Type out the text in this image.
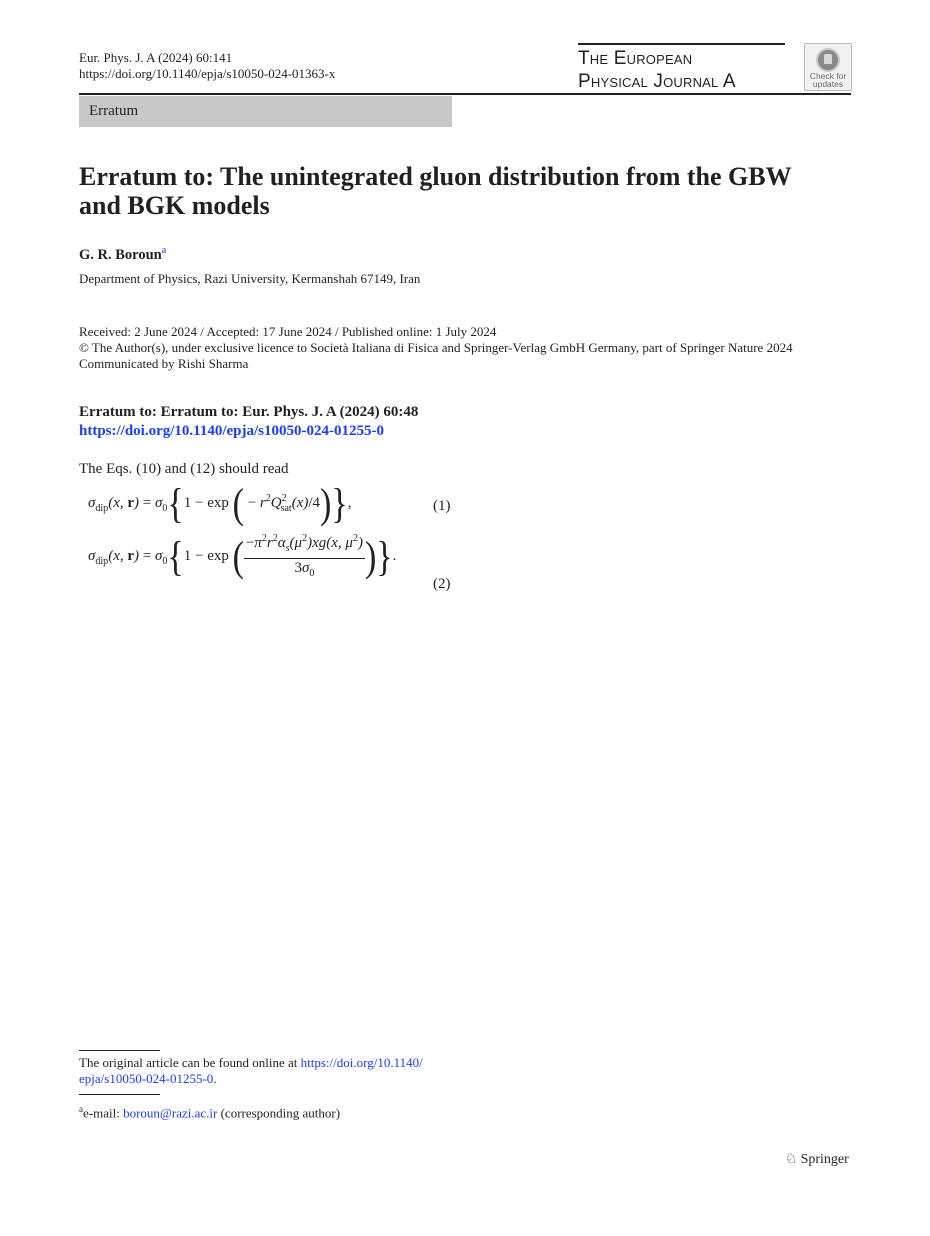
Eur. Phys. J. A (2024) 60:141
https://doi.org/10.1140/epja/s10050-024-01363-x
The European
Physical Journal A	Check for
updates
Erratum
Erratum to: The unintegrated gluon distribution from the GBW and BGK models
G. R. Boroun$^a$
Department of Physics, Razi University, Kermanshah 67149, Iran
Received: 2 June 2024 / Accepted: 17 June 2024 / Published online: 1 July 2024
© The Author(s), under exclusive licence to Società Italiana di Fisica and Springer-Verlag GmbH Germany, part of Springer Nature 2024
Communicated by Rishi Sharma
Erratum to: Erratum to: Eur. Phys. J. A (2024) 60:48
https://doi.org/10.1140/epja/s10050-024-01255-0
The Eqs. (10) and (12) should read
$\sigma_{dip}(x$, $r) = \sigma_0\{1 - \exp$ ( − $r^2Q^2_{sat}(x)/4$)},	(1)
$\sigma_{dip}(x$, $r) = \sigma_0\{1 - \exp$ ( $\frac{-\pi^2r^2\alpha_s(\mu^2)xg(x, \mu^2)}{3\sigma_0}$ )}.
(2)
The original article can be found online at https://doi.org/10.1140/
epja/s10050-024-01255-0.
$^a$e-mail: boroun@razi.ac.ir (corresponding author)
♘ Springer
